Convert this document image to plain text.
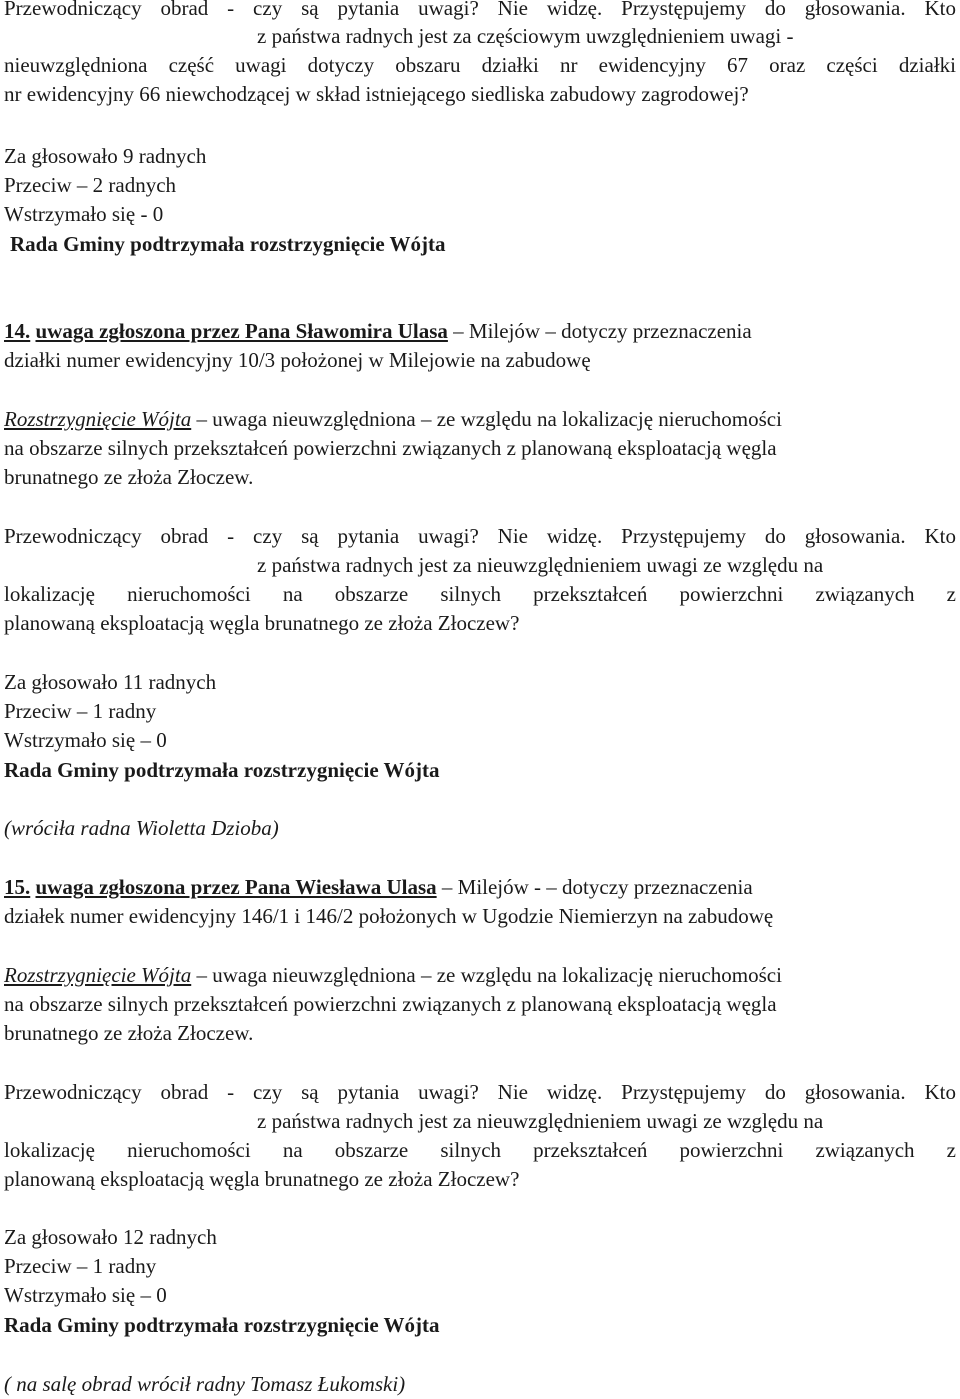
Przewodniczący obrad - czy są pytania uwagi? Nie widzę. Przystępujemy do głosowania. Kto
z państwa radnych jest za częściowym uwzględnieniem uwagi -
nieuwzględniona część uwagi dotyczy obszaru działki nr ewidencyjny 67 oraz części działki
nr ewidencyjny 66 niewchodzącej w skład istniejącego siedliska zabudowy zagrodowej?
Za głosowało 9 radnych
Przeciw – 2 radnych
Wstrzymało się - 0
Rada Gminy podtrzymała rozstrzygnięcie Wójta
14. uwaga zgłoszona przez Pana Sławomira Ulasa – Milejów – dotyczy przeznaczenia
działki numer ewidencyjny 10/3 położonej w Milejowie na zabudowę
Rozstrzygnięcie Wójta – uwaga nieuwzględniona – ze względu na lokalizację nieruchomości
na obszarze silnych przekształceń powierzchni związanych z planowaną eksploatacją węgla
brunatnego ze złoża Złoczew.
Przewodniczący obrad - czy są pytania uwagi? Nie widzę. Przystępujemy do głosowania. Kto
z państwa radnych jest za nieuwzględnieniem uwagi ze względu na
lokalizację nieruchomości na obszarze silnych przekształceń powierzchni związanych z
planowaną eksploatacją węgla brunatnego ze złoża Złoczew?
Za głosowało 11 radnych
Przeciw – 1 radny
Wstrzymało się – 0
Rada Gminy podtrzymała rozstrzygnięcie Wójta
(wróciła radna Wioletta Dzioba)
15. uwaga zgłoszona przez Pana Wiesława Ulasa – Milejów - – dotyczy przeznaczenia
działek numer ewidencyjny 146/1 i 146/2 położonych w Ugodzie Niemierzyn na zabudowę
Rozstrzygnięcie Wójta – uwaga nieuwzględniona – ze względu na lokalizację nieruchomości
na obszarze silnych przekształceń powierzchni związanych z planowaną eksploatacją węgla
brunatnego ze złoża Złoczew.
Przewodniczący obrad - czy są pytania uwagi? Nie widzę. Przystępujemy do głosowania. Kto
z państwa radnych jest za nieuwzględnieniem uwagi ze względu na
lokalizację nieruchomości na obszarze silnych przekształceń powierzchni związanych z
planowaną eksploatacją węgla brunatnego ze złoża Złoczew?
Za głosowało 12 radnych
Przeciw – 1 radny
Wstrzymało się – 0
Rada Gminy podtrzymała rozstrzygnięcie Wójta
( na salę obrad wrócił radny Tomasz Łukomski)
